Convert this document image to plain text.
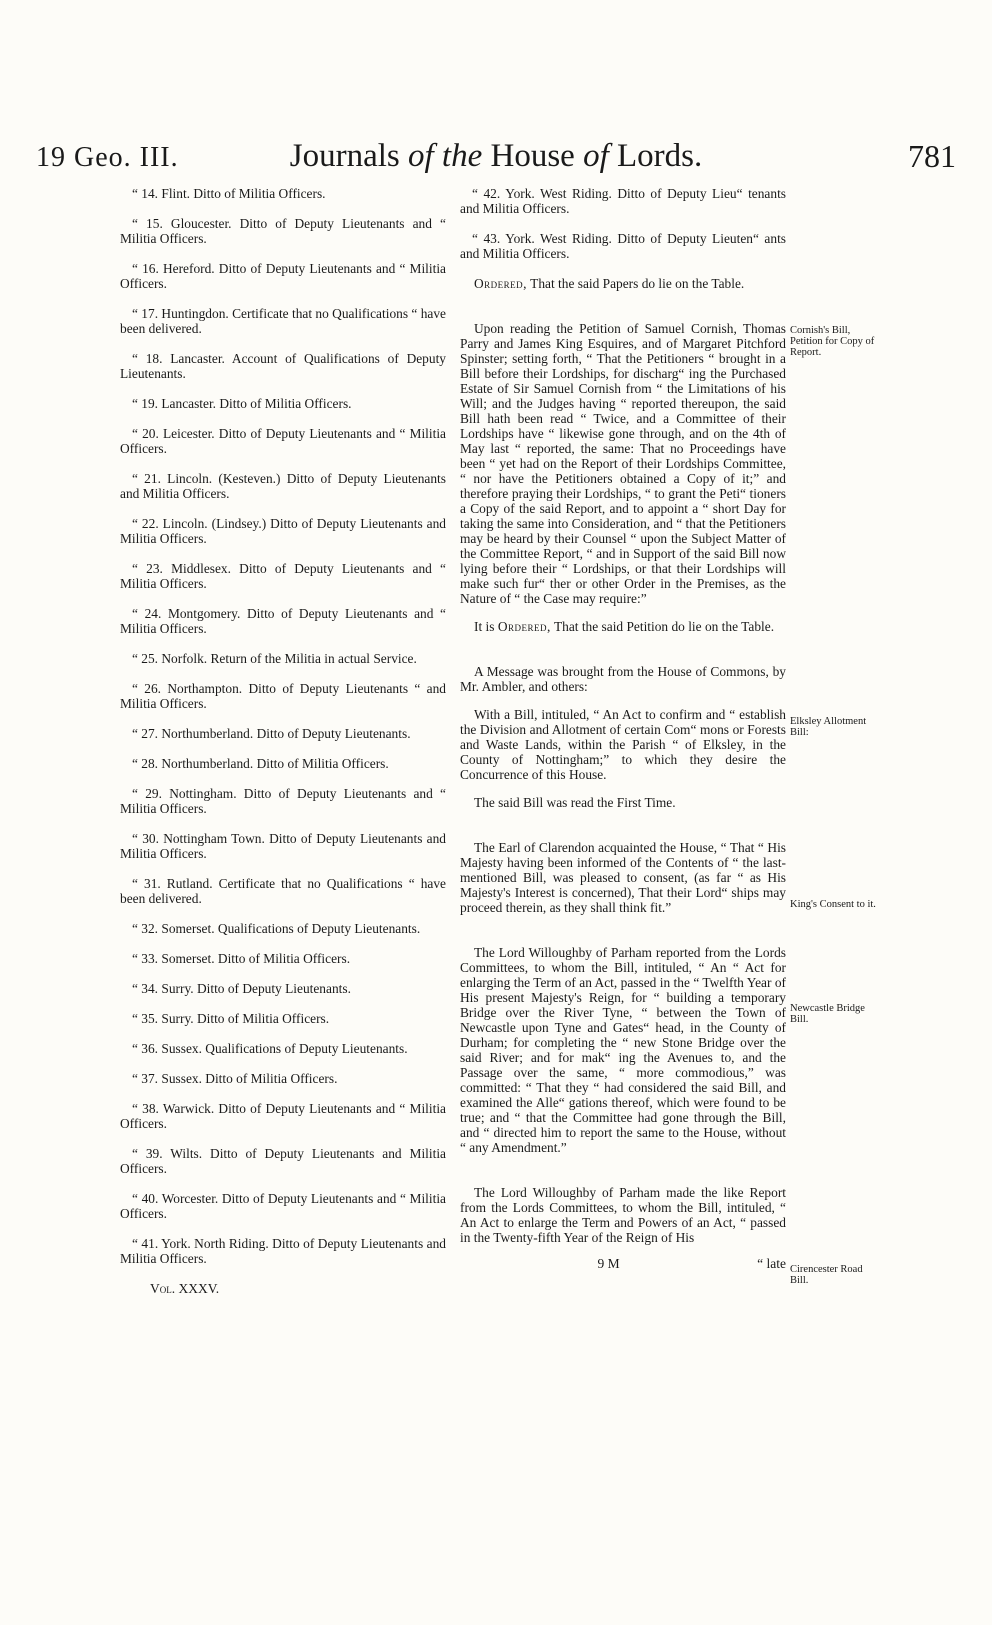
19 Geo. III.	Journals of the House of Lords.	781

“ 14. Flint. Ditto of Militia Officers.

“ 15. Gloucester. Ditto of Deputy Lieutenants and “ Militia Officers.

“ 16. Hereford. Ditto of Deputy Lieutenants and “ Militia Officers.

“ 17. Huntingdon. Certificate that no Qualifications “ have been delivered.

“ 18. Lancaster. Account of Qualifications of Deputy Lieutenants.

“ 19. Lancaster. Ditto of Militia Officers.

“ 20. Leicester. Ditto of Deputy Lieutenants and “ Militia Officers.

“ 21. Lincoln. (Kesteven.) Ditto of Deputy Lieutenants and Militia Officers.

“ 22. Lincoln. (Lindsey.) Ditto of Deputy Lieutenants and Militia Officers.

“ 23. Middlesex. Ditto of Deputy Lieutenants and “ Militia Officers.

“ 24. Montgomery. Ditto of Deputy Lieutenants and “ Militia Officers.

“ 25. Norfolk. Return of the Militia in actual Service.

“ 26. Northampton. Ditto of Deputy Lieutenants “ and Militia Officers.

“ 27. Northumberland. Ditto of Deputy Lieutenants.

“ 28. Northumberland. Ditto of Militia Officers.

“ 29. Nottingham. Ditto of Deputy Lieutenants and “ Militia Officers.

“ 30. Nottingham Town. Ditto of Deputy Lieutenants and Militia Officers.

“ 31. Rutland. Certificate that no Qualifications “ have been delivered.

“ 32. Somerset. Qualifications of Deputy Lieutenants.

“ 33. Somerset. Ditto of Militia Officers.

“ 34. Surry. Ditto of Deputy Lieutenants.

“ 35. Surry. Ditto of Militia Officers.

“ 36. Sussex. Qualifications of Deputy Lieutenants.

“ 37. Sussex. Ditto of Militia Officers.

“ 38. Warwick. Ditto of Deputy Lieutenants and “ Militia Officers.

“ 39. Wilts. Ditto of Deputy Lieutenants and Militia Officers.

“ 40. Worcester. Ditto of Deputy Lieutenants and “ Militia Officers.

“ 41. York. North Riding. Ditto of Deputy Lieutenants and Militia Officers.

Vol. XXXV.

“ 42. York. West Riding. Ditto of Deputy Lieu“ tenants and Militia Officers.

“ 43. York. West Riding. Ditto of Deputy Lieuten“ ants and Militia Officers.

Ordered, That the said Papers do lie on the Table.

Upon reading the Petition of Samuel Cornish, Thomas Parry and James King Esquires, and of Margaret Pitchford Spinster; setting forth, “ That the Petitioners “ brought in a Bill before their Lordships, for discharg“ ing the Purchased Estate of Sir Samuel Cornish from “ the Limitations of his Will; and the Judges having “ reported thereupon, the said Bill hath been read “ Twice, and a Committee of their Lordships have “ likewise gone through, and on the 4th of May last “ reported, the same: That no Proceedings have been “ yet had on the Report of their Lordships Committee, “ nor have the Petitioners obtained a Copy of it;” and therefore praying their Lordships, “ to grant the Peti“ tioners a Copy of the said Report, and to appoint a “ short Day for taking the same into Consideration, and “ that the Petitioners may be heard by their Counsel “ upon the Subject Matter of the Committee Report, “ and in Support of the said Bill now lying before their “ Lordships, or that their Lordships will make such fur“ ther or other Order in the Premises, as the Nature of “ the Case may require:”

It is Ordered, That the said Petition do lie on the Table.

A Message was brought from the House of Commons, by Mr. Ambler, and others:

With a Bill, intituled, “ An Act to confirm and “ establish the Division and Allotment of certain Com“ mons or Forests and Waste Lands, within the Parish “ of Elksley, in the County of Nottingham;” to which they desire the Concurrence of this House.

The said Bill was read the First Time.

The Earl of Clarendon acquainted the House, “ That “ His Majesty having been informed of the Contents of “ the last-mentioned Bill, was pleased to consent, (as far “ as His Majesty's Interest is concerned), That their Lord“ ships may proceed therein, as they shall think fit.”

The Lord Willoughby of Parham reported from the Lords Committees, to whom the Bill, intituled, “ An “ Act for enlarging the Term of an Act, passed in the “ Twelfth Year of His present Majesty's Reign, for “ building a temporary Bridge over the River Tyne, “ between the Town of Newcastle upon Tyne and Gates“ head, in the County of Durham; for completing the “ new Stone Bridge over the said River; and for mak“ ing the Avenues to, and the Passage over the same, “ more commodious,” was committed: “ That they “ had considered the said Bill, and examined the Alle“ gations thereof, which were found to be true; and “ that the Committee had gone through the Bill, and “ directed him to report the same to the House, without “ any Amendment.”

The Lord Willoughby of Parham made the like Report from the Lords Committees, to whom the Bill, intituled, “ An Act to enlarge the Term and Powers of an Act, “ passed in the Twenty-fifth Year of the Reign of His

9 M	“ late
Cornish's Bill, Petition for Copy of Report.
Elksley Allotment Bill:
King's Consent to it.
Newcastle Bridge Bill.
Cirencester Road Bill.
